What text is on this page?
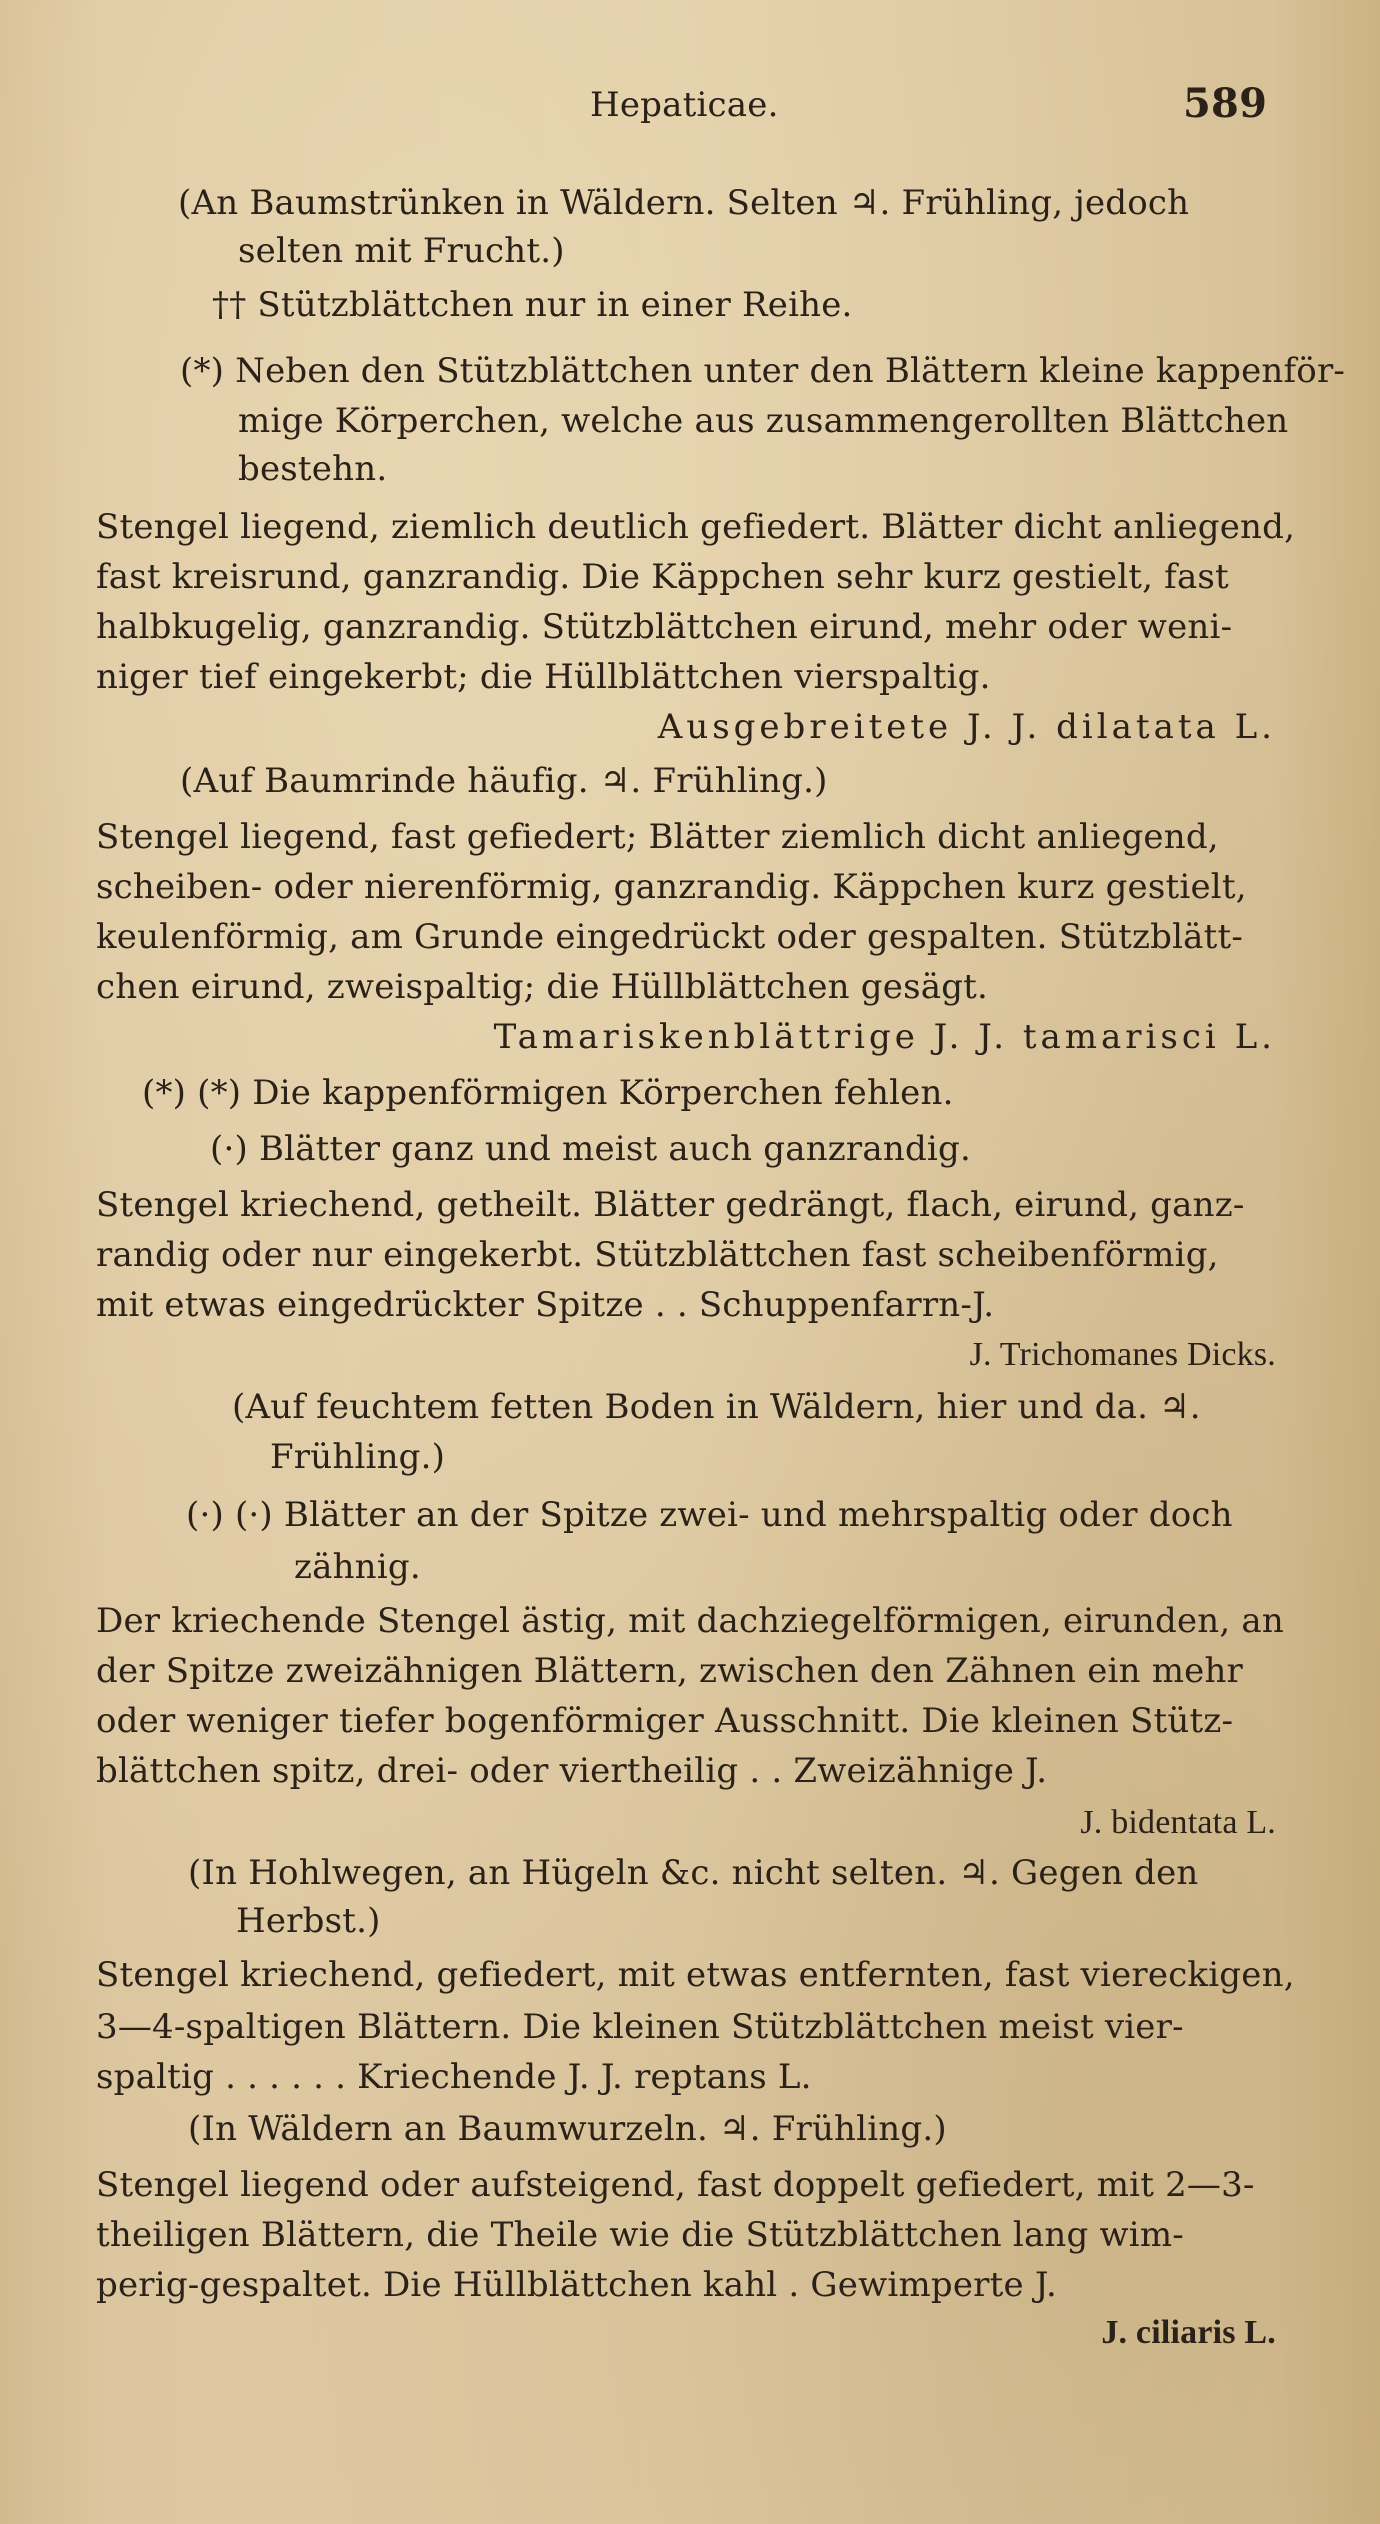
Hepaticae.	589
(An Baumstrünken in Wäldern. Selten ♃. Frühling, jedoch
selten mit Frucht.)
†† Stützblättchen nur in einer Reihe.
(*) Neben den Stützblättchen unter den Blättern kleine kappenför-
mige Körperchen, welche aus zusammengerollten Blättchen
bestehn.
Stengel liegend, ziemlich deutlich gefiedert. Blätter dicht anliegend,
fast kreisrund, ganzrandig. Die Käppchen sehr kurz gestielt, fast
halbkugelig, ganzrandig. Stützblättchen eirund, mehr oder weni-
niger tief eingekerbt; die Hüllblättchen vierspaltig.
Ausgebreitete J. J. dilatata L.
(Auf Baumrinde häufig. ♃. Frühling.)
Stengel liegend, fast gefiedert; Blätter ziemlich dicht anliegend,
scheiben- oder nierenförmig, ganzrandig. Käppchen kurz gestielt,
keulenförmig, am Grunde eingedrückt oder gespalten. Stützblätt-
chen eirund, zweispaltig; die Hüllblättchen gesägt.
Tamariskenblättrige J. J. tamarisci L.
(*) (*) Die kappenförmigen Körperchen fehlen.
(·) Blätter ganz und meist auch ganzrandig.
Stengel kriechend, getheilt. Blätter gedrängt, flach, eirund, ganz-
randig oder nur eingekerbt. Stützblättchen fast scheibenförmig,
mit etwas eingedrückter Spitze . . Schuppenfarrn-J.
J. Trichomanes Dicks.
(Auf feuchtem fetten Boden in Wäldern, hier und da. ♃.
Frühling.)
(·) (·) Blätter an der Spitze zwei- und mehrspaltig oder doch
zähnig.
Der kriechende Stengel ästig, mit dachziegelförmigen, eirunden, an
der Spitze zweizähnigen Blättern, zwischen den Zähnen ein mehr
oder weniger tiefer bogenförmiger Ausschnitt. Die kleinen Stütz-
blättchen spitz, drei- oder viertheilig . . Zweizähnige J.
J. bidentata L.
(In Hohlwegen, an Hügeln &c. nicht selten. ♃. Gegen den
Herbst.)
Stengel kriechend, gefiedert, mit etwas entfernten, fast viereckigen,
3—4-spaltigen Blättern. Die kleinen Stützblättchen meist vier-
spaltig . . . . . . Kriechende J. J. reptans L.
(In Wäldern an Baumwurzeln. ♃. Frühling.)
Stengel liegend oder aufsteigend, fast doppelt gefiedert, mit 2—3-
theiligen Blättern, die Theile wie die Stützblättchen lang wim-
perig-gespaltet. Die Hüllblättchen kahl . Gewimperte J.
J. ciliaris L.
